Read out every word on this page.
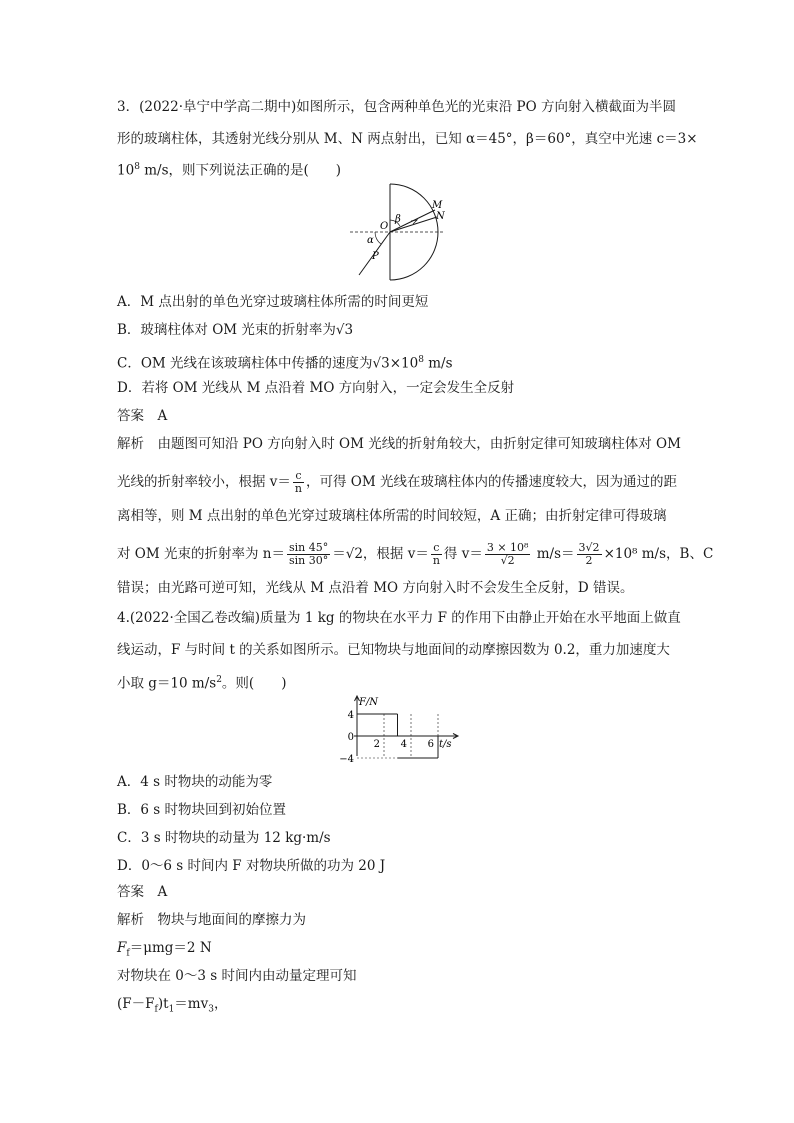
3．(2022·阜宁中学高二期中)如图所示，包含两种单色光的光束沿 PO 方向射入横截面为半圆
形的玻璃柱体，其透射光线分别从 M、N 两点射出，已知 α＝45°，β＝60°，真空中光速 c＝3×
$10^8$ m/s，则下列说法正确的是(　　)
O
β
M
N
α
P
A．M 点出射的单色光穿过玻璃柱体所需的时间更短
B．玻璃柱体对 OM 光束的折射率为√3
C．OM 光线在该玻璃柱体中传播的速度为$√3\times 10^8$ m/s
D．若将 OM 光线从 M 点沿着 MO 方向射入，一定会发生全反射
答案　A
解析　由题图可知沿 PO 方向射入时 OM 光线的折射角较大，由折射定律可知玻璃柱体对 OM
光线的折射率较小，根据 $v= \frac{c}{n}$ ，可得 OM 光线在玻璃柱体内的传播速度较大，因为通过的距
离相等，则 M 点出射的单色光穿过玻璃柱体所需的时间较短，A 正确；由折射定律可得玻璃
对 OM 光束的折射率为 $n= \frac{\sin 45^\circ}{\sin 30^\circ} =√2$，根据 $v= \frac{c}{n}$ 得 $v= \frac{\text{3 × 10⁸}}{√2} m/s= \frac{3√2}{2} \times 10^8$ m/s，B、C
错误；由光路可逆可知，光线从 M 点沿着 MO 方向射入时不会发生全反射，D 错误。
4.(2022·全国乙卷改编)质量为 1 kg 的物块在水平力 F 的作用下由静止开始在水平地面上做直
线运动，F 与时间 t 的关系如图所示。已知物块与地面间的动摩擦因数为 0.2，重力加速度大
小取 g＝10 $m/s^2$。则(　　)
4
0
−4
2 4 6
F/N
t/s
A．4 s 时物块的动能为零
B．6 s 时物块回到初始位置
C．3 s 时物块的动量为 12 kg·m/s
D．0～6 s 时间内 F 对物块所做的功为 20 J
答案　A
解析　物块与地面间的摩擦力为
$F_f=\mu mg=2$ N
对物块在 0～3 s 时间内由动量定理可知
$(F-F_f)t_1=mv_3$，
